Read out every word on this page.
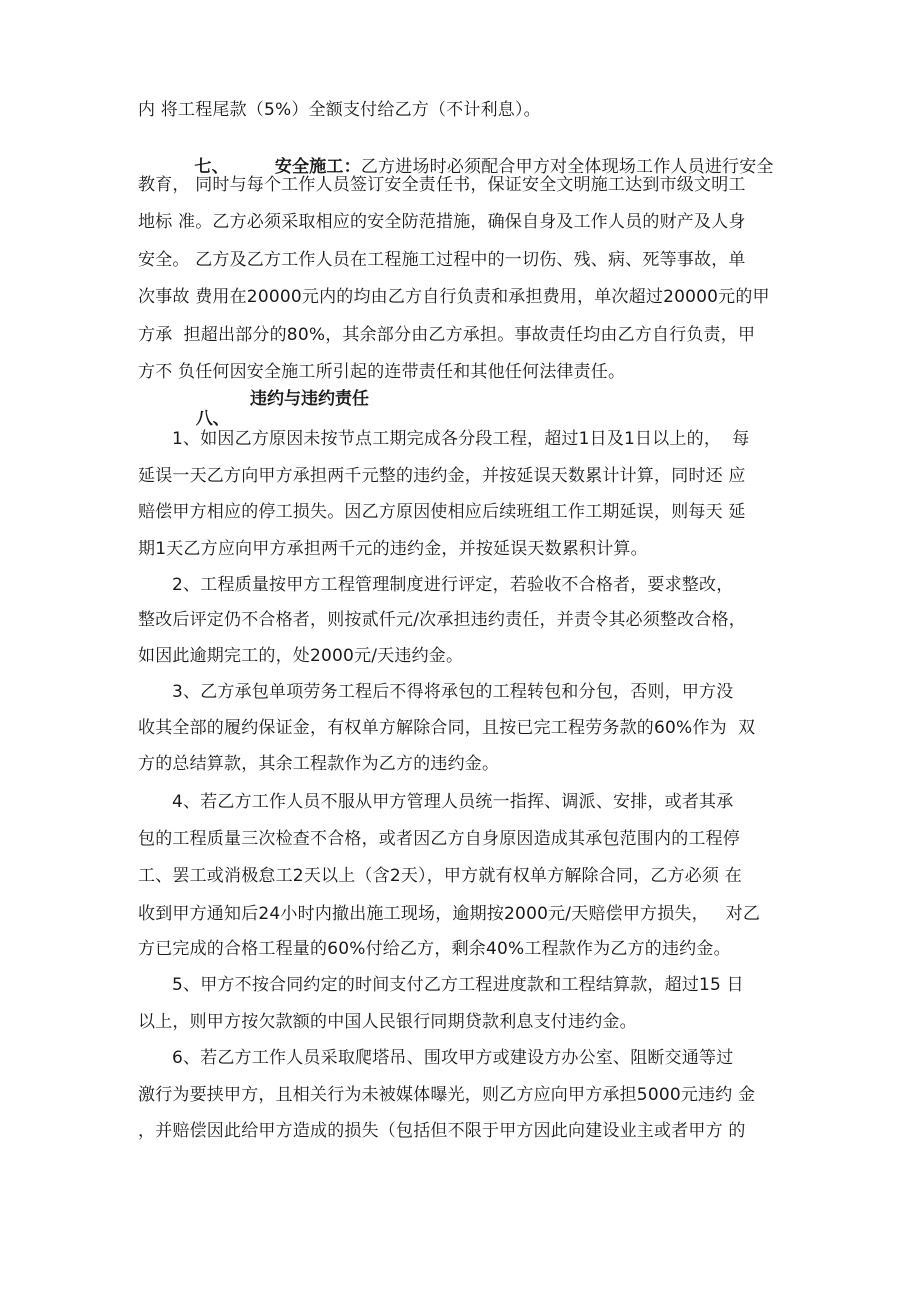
内 将工程尾款（5%）全额支付给乙方（不计利息）。

七、	安全施工：乙方进场时必须配合甲方对全体现场工作人员进行安全

教育， 同时与每个工作人员签订安全责任书，保证安全文明施工达到市级文明工
地标 准。乙方必须采取相应的安全防范措施，确保自身及工作人员的财产及人身
安全。 乙方及乙方工作人员在工程施工过程中的一切伤、残、病、死等事故，单
次事故 费用在20000元内的均由乙方自行负责和承担费用，单次超过20000元的甲
方承  担超出部分的80%，其余部分由乙方承担。事故责任均由乙方自行负责，甲
方不 负任何因安全施工所引起的连带责任和其他任何法律责任。

八、

违约与违约责任

1、如因乙方原因未按节点工期完成各分段工程，超过1日及1日以上的，  每
延误一天乙方向甲方承担两千元整的违约金，并按延误天数累计计算，同时还 应
赔偿甲方相应的停工损失。因乙方原因使相应后续班组工作工期延误，则每天 延
期1天乙方应向甲方承担两千元的违约金，并按延误天数累积计算。
2、工程质量按甲方工程管理制度进行评定，若验收不合格者，要求整改，
整改后评定仍不合格者，则按贰仟元/次承担违约责任，并责令其必须整改合格，
如因此逾期完工的，处2000元/天违约金。
3、乙方承包单项劳务工程后不得将承包的工程转包和分包，否则，甲方没
收其全部的履约保证金，有权单方解除合同，且按已完工程劳务款的60%作为  双
方的总结算款，其余工程款作为乙方的违约金。
4、若乙方工作人员不服从甲方管理人员统一指挥、调派、安排，或者其承
包的工程质量三次检查不合格，或者因乙方自身原因造成其承包范围内的工程停
工、罢工或消极怠工2天以上（含2天），甲方就有权单方解除合同，乙方必须 在
收到甲方通知后24小时内撤出施工现场，逾期按2000元/天赔偿甲方损失，   对乙
方已完成的合格工程量的60%付给乙方，剩余40%工程款作为乙方的违约金。
5、甲方不按合同约定的时间支付乙方工程进度款和工程结算款，超过15 日
以上，则甲方按欠款额的中国人民银行同期贷款利息支付违约金。
6、若乙方工作人员采取爬塔吊、围攻甲方或建设方办公室、阻断交通等过
激行为要挟甲方，且相关行为未被媒体曝光，则乙方应向甲方承担5000元违约 金
，并赔偿因此给甲方造成的损失（包括但不限于甲方因此向建设业主或者甲方 的
